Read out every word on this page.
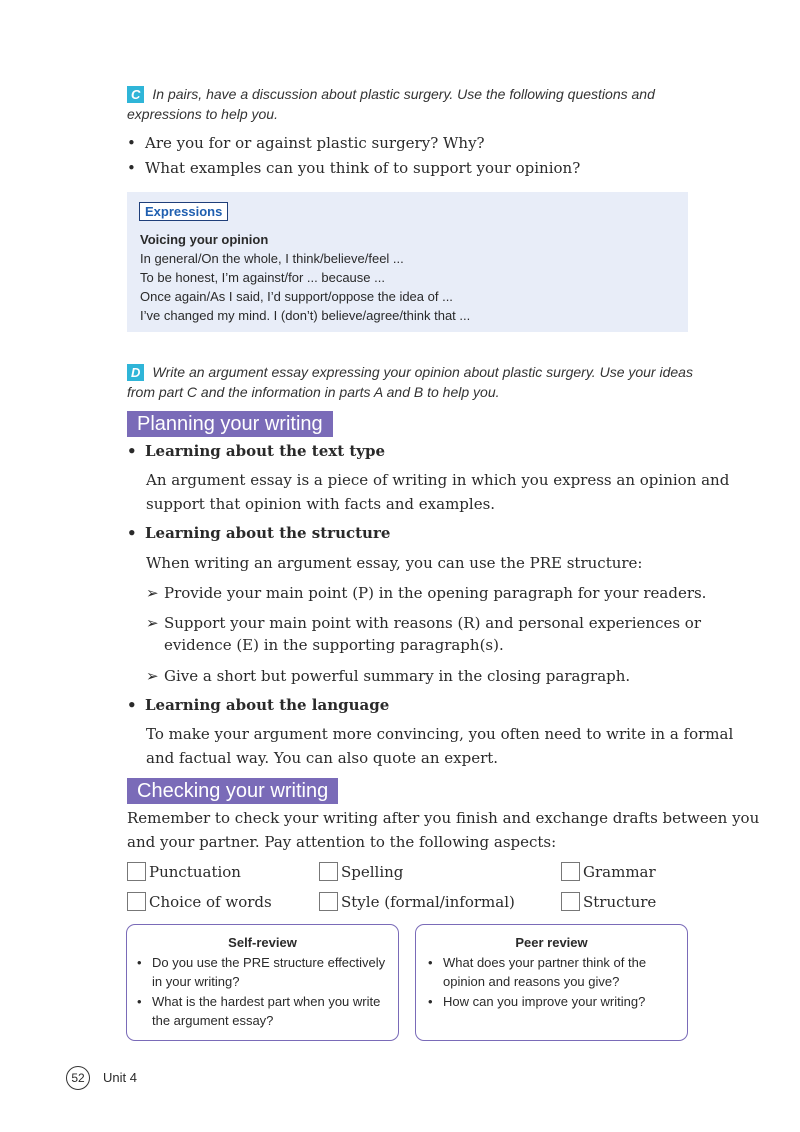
C In pairs, have a discussion about plastic surgery. Use the following questions and
expressions to help you.
• Are you for or against plastic surgery? Why?
• What examples can you think of to support your opinion?
Expressions
Voicing your opinion
In general/On the whole, I think/believe/feel ...
To be honest, I’m against/for ... because ...
Once again/As I said, I’d support/oppose the idea of ...
I’ve changed my mind. I (don’t) believe/agree/think that ...
D Write an argument essay expressing your opinion about plastic surgery. Use your ideas
from part C and the information in parts A and B to help you.
Planning your writing
• Learning about the text type
An argument essay is a piece of writing in which you express an opinion and
support that opinion with facts and examples.
• Learning about the structure
When writing an argument essay, you can use the PRE structure:
➢ Provide your main point (P) in the opening paragraph for your readers.
➢ Support your main point with reasons (R) and personal experiences or
evidence (E) in the supporting paragraph(s).
➢ Give a short but powerful summary in the closing paragraph.
• Learning about the language
To make your argument more convincing, you often need to write in a formal
and factual way. You can also quote an expert.
Checking your writing
Remember to check your writing after you finish and exchange drafts between you
and your partner. Pay attention to the following aspects:
Punctuation	Spelling	Grammar
Choice of words	Style (formal/informal)	Structure
Self-review
• Do you use the PRE structure effectively
in your writing?
• What is the hardest part when you write
the argument essay?
Peer review
• What does your partner think of the
opinion and reasons you give?
• How can you improve your writing?
52	Unit 4
